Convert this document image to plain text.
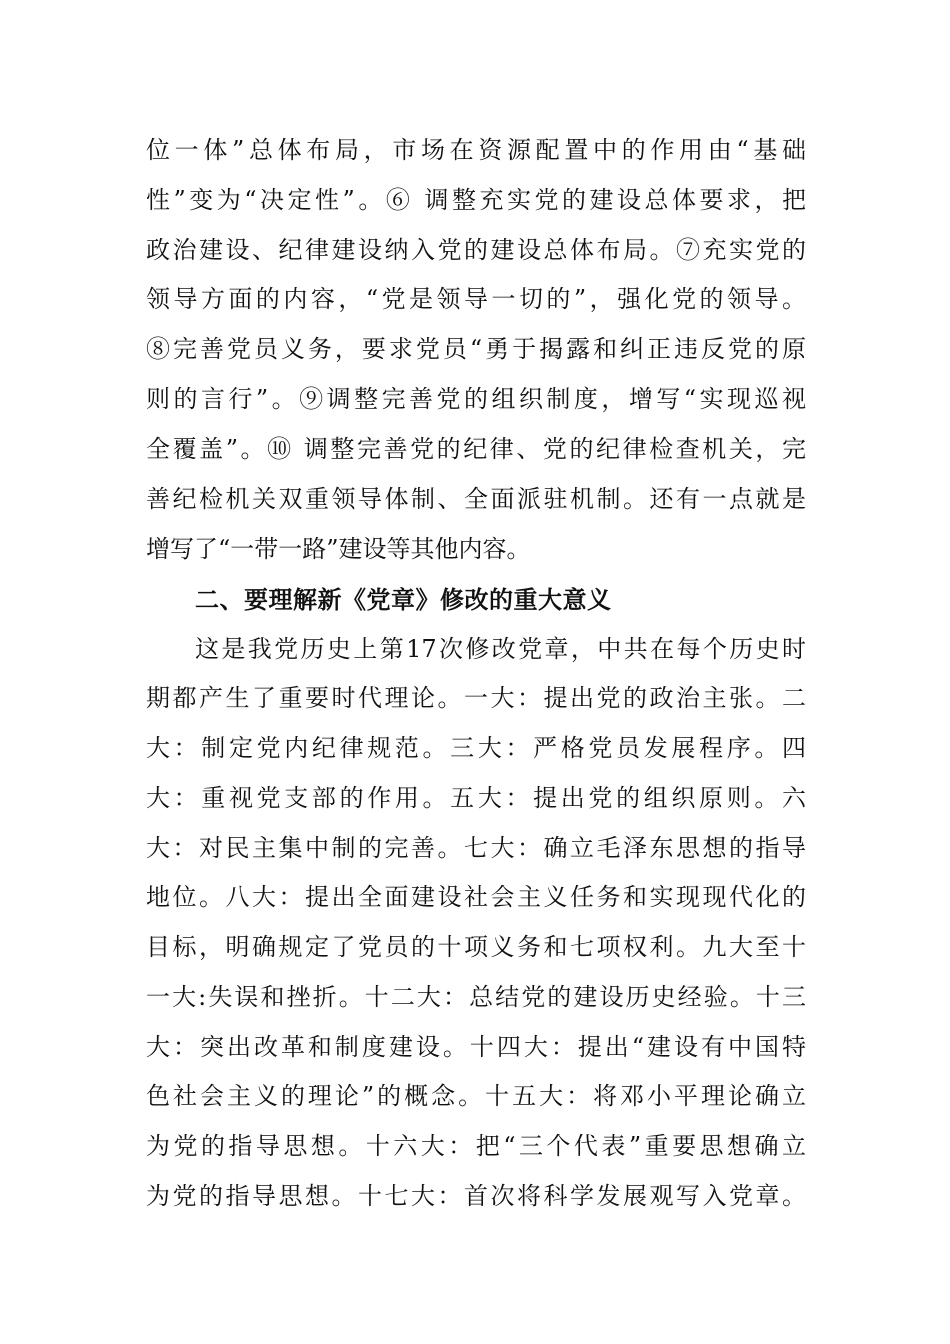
位一体”总体布局，市场在资源配置中的作用由“基础
性”变为“决定性”。⑥ 调整充实党的建设总体要求，把
政治建设、纪律建设纳入党的建设总体布局。⑦充实党的
领导方面的内容，“党是领导一切的”，强化党的领导。
⑧完善党员义务，要求党员“勇于揭露和纠正违反党的原
则的言行”。⑨调整完善党的组织制度，增写“实现巡视
全覆盖”。⑩ 调整完善党的纪律、党的纪律检查机关，完
善纪检机关双重领导体制、全面派驻机制。还有一点就是
增写了“一带一路”建设等其他内容。
二、要理解新《党章》修改的重大意义
这是我党历史上第17次修改党章，中共在每个历史时
期都产生了重要时代理论。一大：提出党的政治主张。二
大：制定党内纪律规范。三大：严格党员发展程序。四
大：重视党支部的作用。五大：提出党的组织原则。六
大：对民主集中制的完善。七大：确立毛泽东思想的指导
地位。八大：提出全面建设社会主义任务和实现现代化的
目标，明确规定了党员的十项义务和七项权利。九大至十
一大:失误和挫折。十二大：总结党的建设历史经验。十三
大：突出改革和制度建设。十四大：提出“建设有中国特
色社会主义的理论”的概念。十五大：将邓小平理论确立
为党的指导思想。十六大：把“三个代表”重要思想确立
为党的指导思想。十七大：首次将科学发展观写入党章。
